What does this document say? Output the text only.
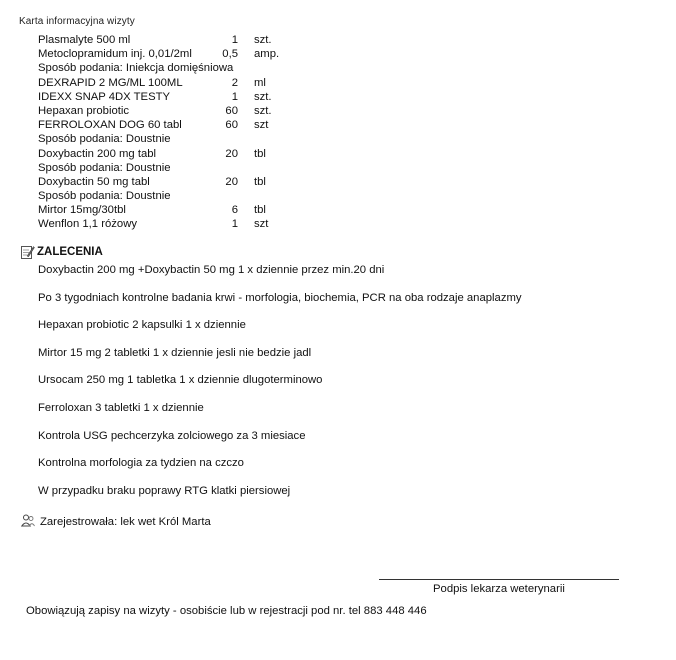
Karta informacyjna wizyty
Plasmalyte 500 ml	1 szt.
Metoclopramidum inj. 0,01/2ml	0,5 amp.
Sposób podania: Iniekcja domięśniowa
DEXRAPID 2 MG/ML 100ML	2 ml
IDEXX SNAP 4DX TESTY	1 szt.
Hepaxan probiotic	60 szt.
FERROLOXAN DOG 60 tabl	60 szt
Sposób podania: Doustnie
Doxybactin 200 mg tabl	20 tbl
Sposób podania: Doustnie
Doxybactin 50 mg tabl	20 tbl
Sposób podania: Doustnie
Mirtor 15mg/30tbl	6 tbl
Wenflon 1,1 różowy	1 szt
ZALECENIA
Doxybactin 200 mg +Doxybactin 50 mg 1 x dziennie przez min.20 dni
Po 3 tygodniach kontrolne badania krwi - morfologia, biochemia, PCR na oba rodzaje anaplazmy
Hepaxan probiotic 2 kapsulki 1 x dziennie
Mirtor 15 mg 2 tabletki 1 x dziennie jesli nie bedzie jadl
Ursocam 250 mg 1 tabletka 1 x dziennie dlugoterminowo
Ferroloxan 3 tabletki 1 x dziennie
Kontrola USG pechcerzyka zolciowego za 3 miesiace
Kontrolna morfologia za tydzien na czczo
W przypadku braku poprawy RTG klatki piersiowej
Zarejestrowała: lek wet Król Marta
Podpis lekarza weterynarii
Obowiązują zapisy na wizyty - osobiście lub w rejestracji pod nr. tel 883 448 446
